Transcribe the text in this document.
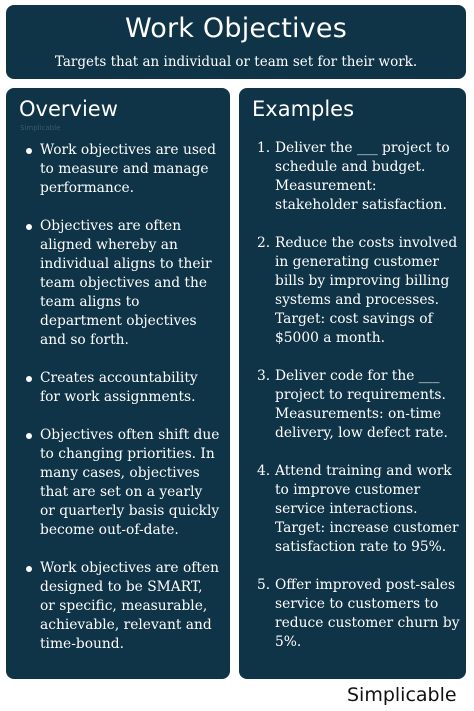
Work Objectives
Targets that an individual or team set for their work.
Overview
Simplicable
Work objectives are used to measure and manage performance.
Objectives are often aligned whereby an individual aligns to their team objectives and the team aligns to department objectives and so forth.
Creates accountability for work assignments.
Objectives often shift due to changing priorities. In many cases, objectives that are set on a yearly or quarterly basis quickly become out-of-date.
Work objectives are often designed to be SMART, or specific, measurable, achievable, relevant and time-bound.
Examples
1. Deliver the ___ project to schedule and budget. Measurement: stakeholder satisfaction.
2. Reduce the costs involved in generating customer bills by improving billing systems and processes. Target: cost savings of $5000 a month.
3. Deliver code for the ___ project to requirements. Measurements: on-time delivery, low defect rate.
4. Attend training and work to improve customer service interactions. Target: increase customer satisfaction rate to 95%.
5. Offer improved post-sales service to customers to reduce customer churn by 5%.
Simplicable
